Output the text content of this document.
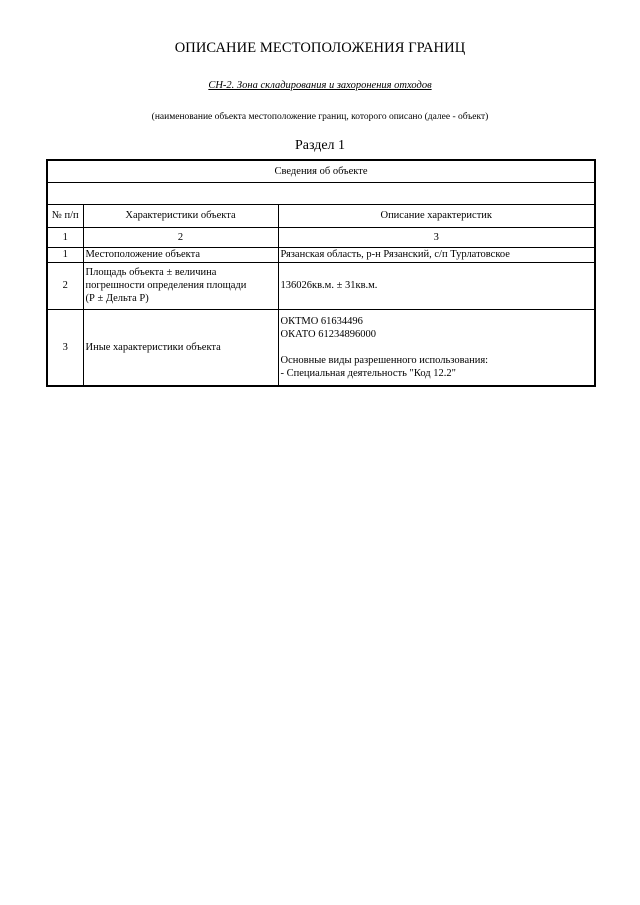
ОПИСАНИЕ МЕСТОПОЛОЖЕНИЯ ГРАНИЦ
СН-2. Зона складирования и захоронения отходов
(наименование объекта местоположение границ, которого описано (далее - объект)
Раздел 1
Сведения об объекте		

№ п/п	Характеристики объекта	Описание характеристик
1	2	3
1	Местоположение объекта	Рязанская область, р-н Рязанский, с/п Турлатовское

2	Площадь объекта ± величина
погрешности определения площади
(Р ± Дельта Р)	136026кв.м. ± 31кв.м.

3	Иные характеристики объекта	ОКТМО 61634496
ОКАТО 61234896000

Основные виды разрешенного использования:
- Специальная деятельность "Код 12.2"
